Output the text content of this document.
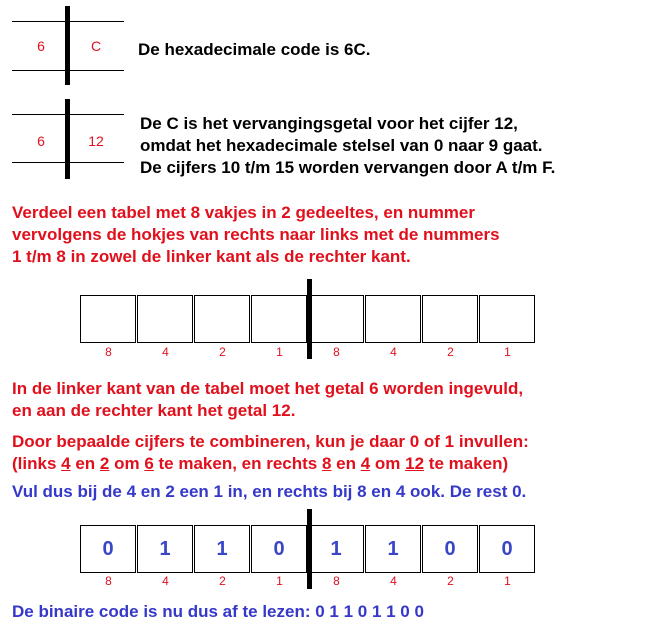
6	C	De hexadecimale code is 6C.
6	12
De C is het vervangingsgetal voor het cijfer 12,
omdat het hexadecimale stelsel van 0 naar 9 gaat.
De cijfers 10 t/m 15 worden vervangen door A t/m F.
Verdeel een tabel met 8 vakjes in 2 gedeeltes, en nummer
vervolgens de hokjes van rechts naar links met de nummers
1 t/m 8 in zowel de linker kant als de rechter kant.
8	4	2	1	8	4	2	1
In de linker kant van de tabel moet het getal 6 worden ingevuld,
en aan de rechter kant het getal 12.
Door bepaalde cijfers te combineren, kun je daar 0 of 1 invullen:
(links 4 en 2 om 6 te maken, en rechts 8 en 4 om 12 te maken)
Vul dus bij de 4 en 2 een 1 in, en rechts bij 8 en 4 ook. De rest 0.
0	1	1	0	1	1	0	0
8	4	2	1	8	4	2	1
De binaire code is nu dus af te lezen: 0 1 1 0 1 1 0 0
